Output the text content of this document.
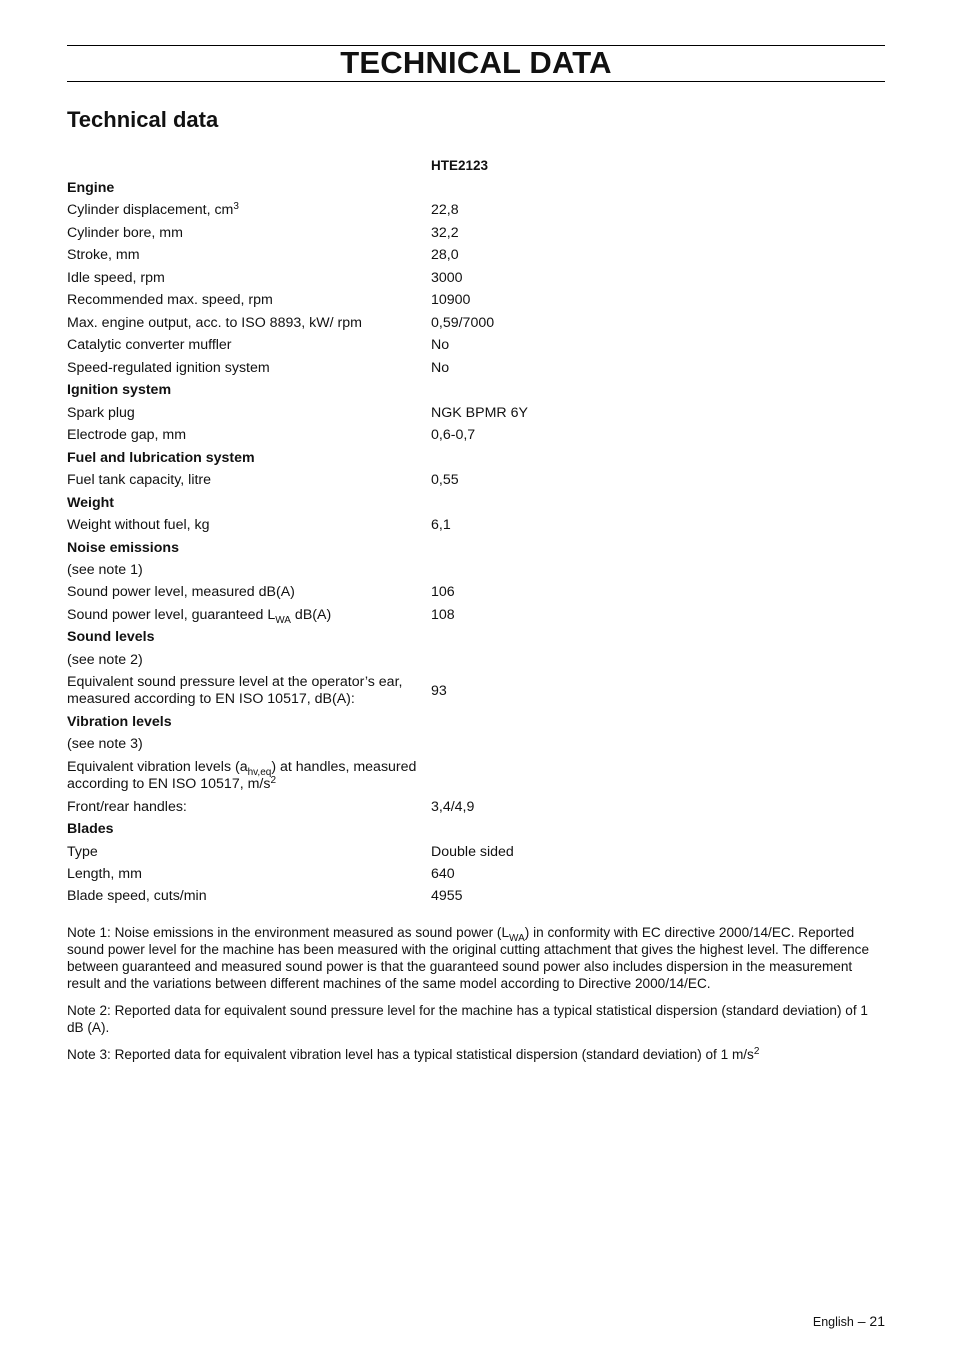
TECHNICAL DATA
Technical data
HTE2123
Engine
Cylinder displacement, $cm^3$	22,8
Cylinder bore, mm	32,2
Stroke, mm	28,0
Idle speed, rpm	3000
Recommended max. speed, rpm	10900
Max. engine output, acc. to ISO 8893, kW/ rpm	0,59/7000
Catalytic converter muffler	No
Speed-regulated ignition system	No
Ignition system
Spark plug	NGK BPMR 6Y
Electrode gap, mm	0,6-0,7
Fuel and lubrication system
Fuel tank capacity, litre	0,55
Weight
Weight without fuel, kg	6,1
Noise emissions
(see note 1)
Sound power level, measured dB(A)	106
Sound power level, guaranteed $L_{WA}$ dB(A)	108
Sound levels
(see note 2)
Equivalent sound pressure level at the operator’s ear,
measured according to EN ISO 10517, dB(A):	93
Vibration levels
(see note 3)
Equivalent vibration levels $(a_{hv,eq})$ at handles, measured
according to EN ISO 10517, $m/s^2$
Front/rear handles:	3,4/4,9
Blades
Type	Double sided
Length, mm	640
Blade speed, cuts/min	4955

Note 1: Noise emissions in the environment measured as sound power $(L_{WA})$ in conformity with EC directive 2000/14/EC. Reported sound power level for the machine has been measured with the original cutting attachment that gives the highest level. The difference between guaranteed and measured sound power is that the guaranteed sound power also includes dispersion in the measurement result and the variations between different machines of the same model according to Directive 2000/14/EC.

Note 2: Reported data for equivalent sound pressure level for the machine has a typical statistical dispersion (standard deviation) of 1 dB (A).

Note 3: Reported data for equivalent vibration level has a typical statistical dispersion (standard deviation) of 1 $m/s^2$

English – 21
